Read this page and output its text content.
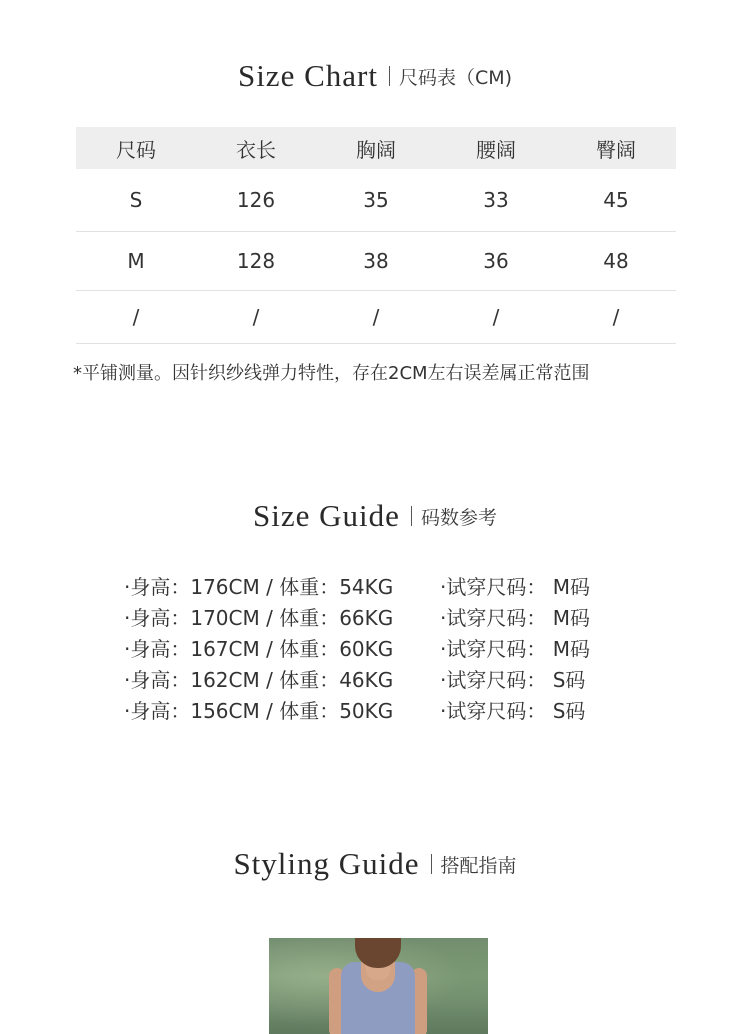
Size Chart 尺码表（CM)
尺码	衣长	胸阔	腰阔	臀阔
S	126	35	33	45
M	128	38	36	48
/	/	/	/	/
*平铺测量。因针织纱线弹力特性，存在2CM左右误差属正常范围
Size Guide 码数参考
·身高：176CM / 体重：54KG	·试穿尺码： M码
·身高：170CM / 体重：66KG	·试穿尺码： M码
·身高：167CM / 体重：60KG	·试穿尺码： M码
·身高：162CM / 体重：46KG	·试穿尺码： S码
·身高：156CM / 体重：50KG	·试穿尺码： S码
Styling Guide 搭配指南
